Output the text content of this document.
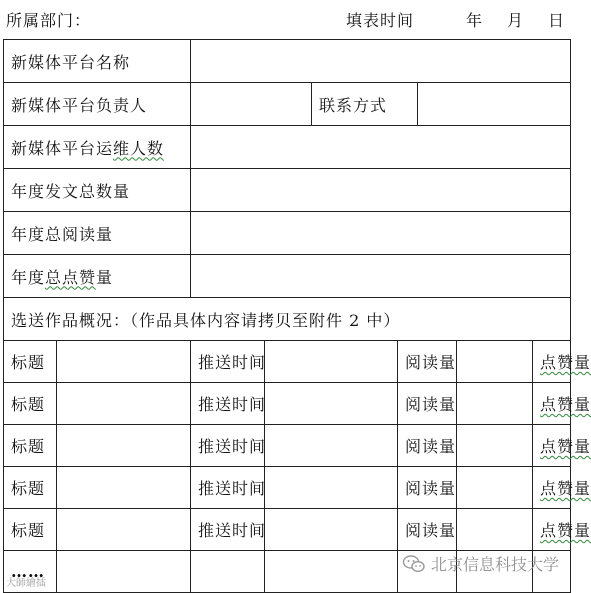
所属部门：	填表时间	年 月 日
新媒体平台名称									
新媒体平台负责人				联系方式					
新媒体平台运维人数									
年度发文总数量									
年度总阅读量									
年度总点赞量									
选送作品概况：（作品具体内容请拷贝至附件 2 中）									
标题		推送时间			阅读量			点赞量	
标题		推送时间			阅读量			点赞量	
标题		推送时间			阅读量			点赞量	
标题		推送时间			阅读量			点赞量	
标题		推送时间			阅读量			点赞量	
……										北京信息科技大学
大師繪擂
